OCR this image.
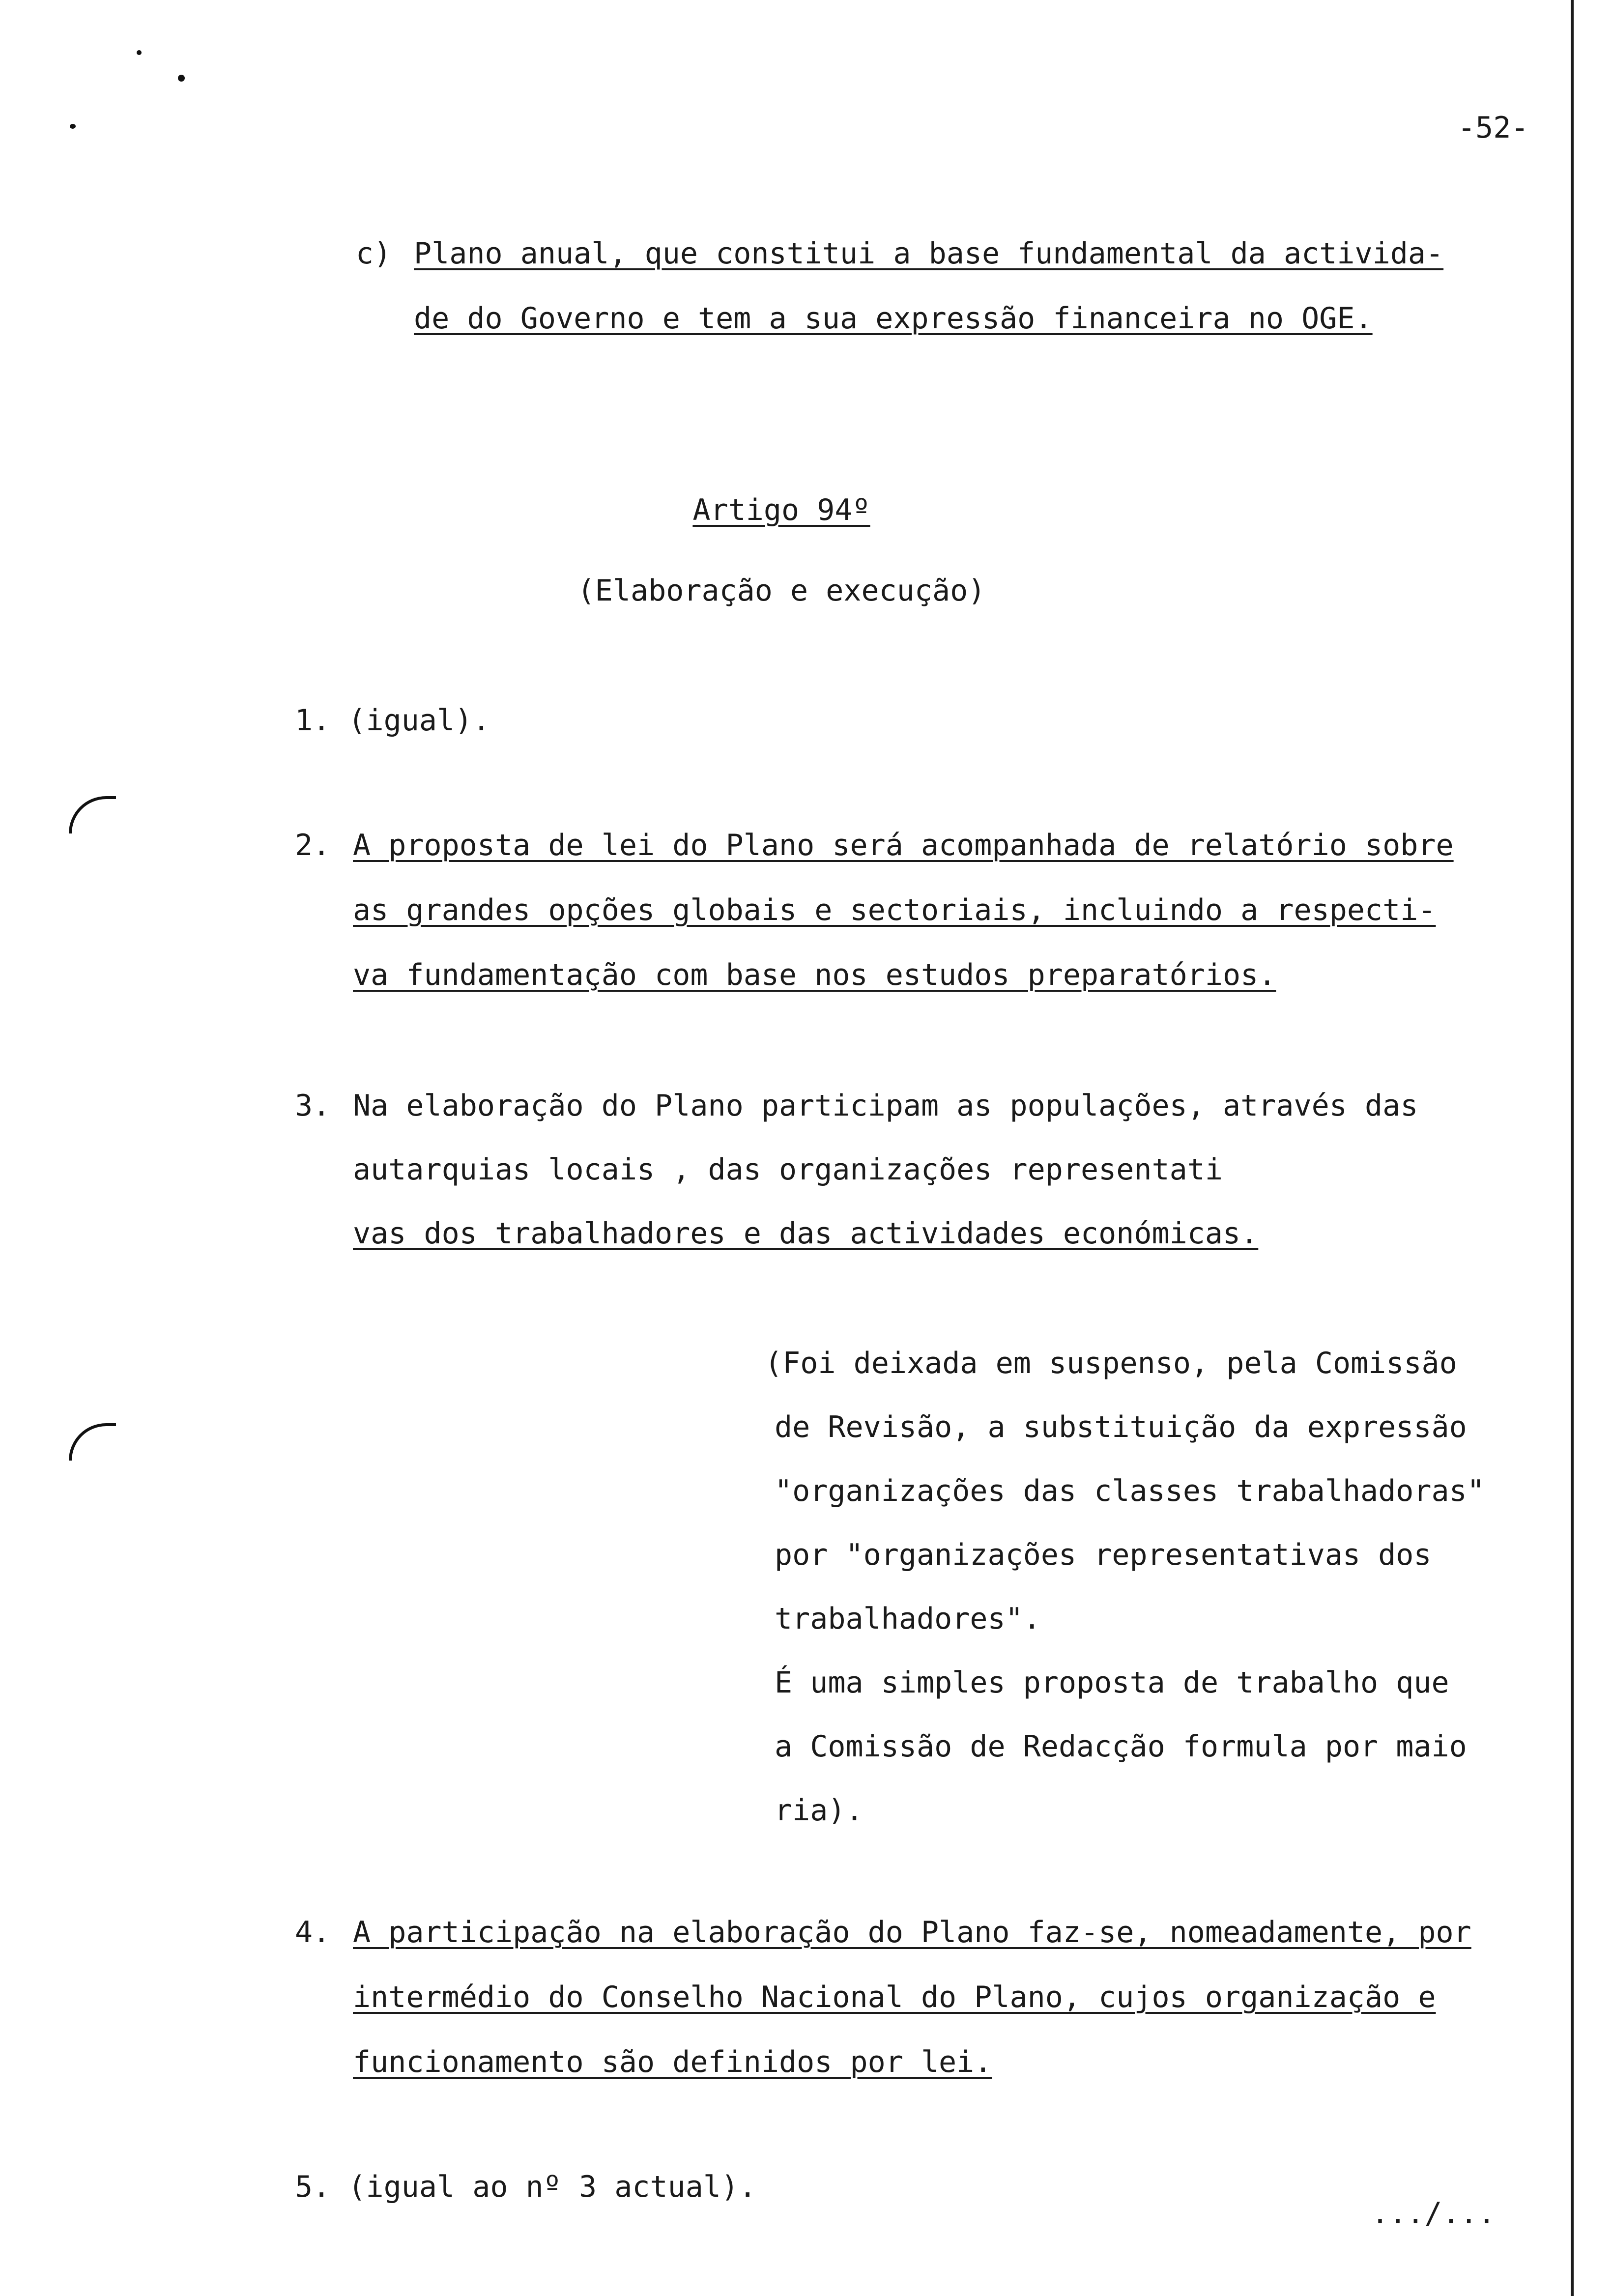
-52-
c) Plano anual, que constitui a base fundamental da activida-
de do Governo e tem a sua expressão financeira no OGE.
Artigo 94º
(Elaboração e execução)
1. (igual).
2. A proposta de lei do Plano será acompanhada de relatório sobre
as grandes opções globais e sectoriais, incluindo a respecti-
va fundamentação com base nos estudos preparatórios.
3. Na elaboração do Plano participam as populações, através das
autarquias locais , das organizações representati
vas dos trabalhadores e das actividades económicas.
(Foi deixada em suspenso, pela Comissão
de Revisão, a substituição da expressão
"organizações das classes trabalhadoras"
por "organizações representativas dos
trabalhadores".
É uma simples proposta de trabalho que
a Comissão de Redacção formula por maio
ria).
4. A participação na elaboração do Plano faz-se, nomeadamente, por
intermédio do Conselho Nacional do Plano, cujos organização e
funcionamento são definidos por lei.
5. (igual ao nº 3 actual).
.../...
